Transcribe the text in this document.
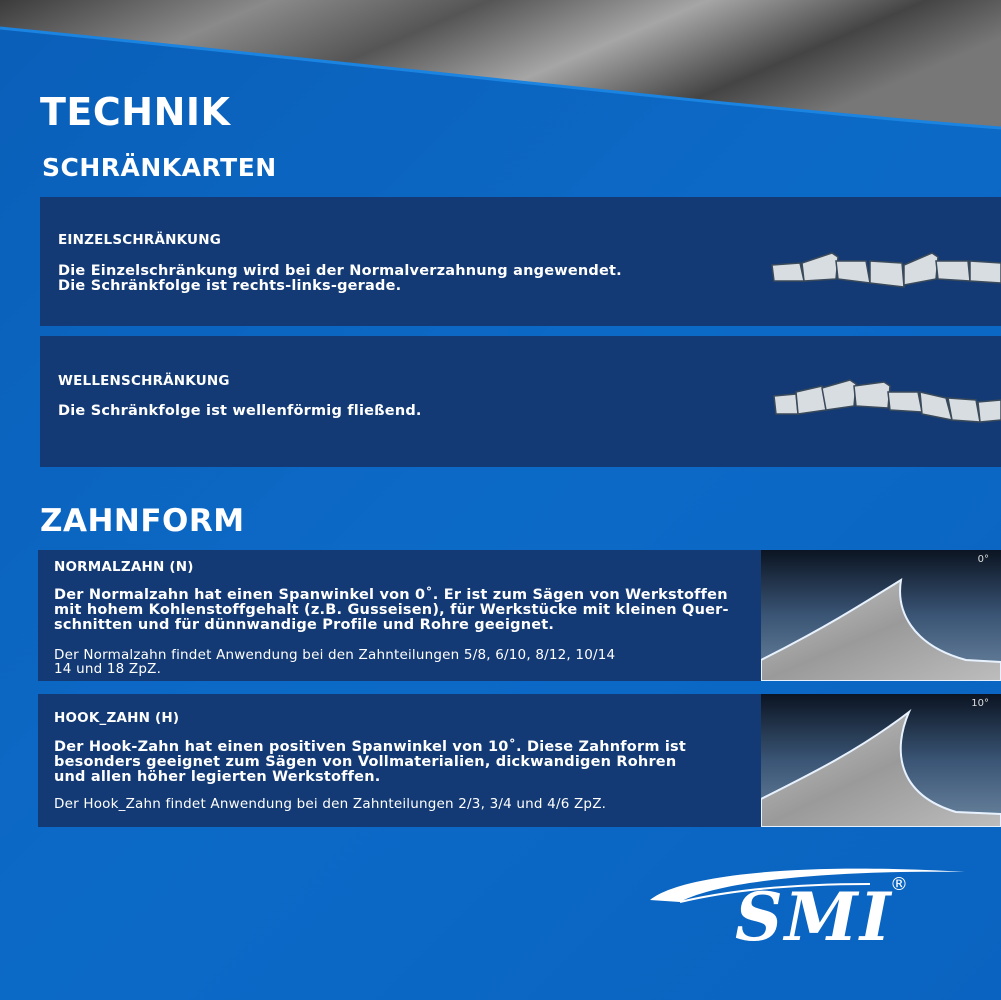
TECHNIK
SCHRÄNKARTEN
EINZELSCHRÄNKUNG
Die Einzelschränkung wird bei der Normalverzahnung angewendet.
Die Schränkfolge ist rechts-links-gerade.
WELLENSCHRÄNKUNG
Die Schränkfolge ist wellenförmig fließend.
ZAHNFORM
NORMALZAHN (N)
Der Normalzahn hat einen Spanwinkel von 0˚. Er ist zum Sägen von Werkstoffen
mit hohem Kohlenstoffgehalt (z.B. Gusseisen), für Werkstücke mit kleinen Quer-
schnitten und für dünnwandige Profile und Rohre geeignet.
Der Normalzahn findet Anwendung bei den Zahnteilungen 5/8, 6/10, 8/12, 10/14
14 und 18 ZpZ.
0°
HOOK_ZAHN (H)
Der Hook-Zahn hat einen positiven Spanwinkel von 10˚. Diese Zahnform ist
besonders geeignet zum Sägen von Vollmaterialien, dickwandigen Rohren
und allen höher legierten Werkstoffen.
Der Hook_Zahn findet Anwendung bei den Zahnteilungen 2/3, 3/4 und 4/6 ZpZ.
10°
SMI
®
